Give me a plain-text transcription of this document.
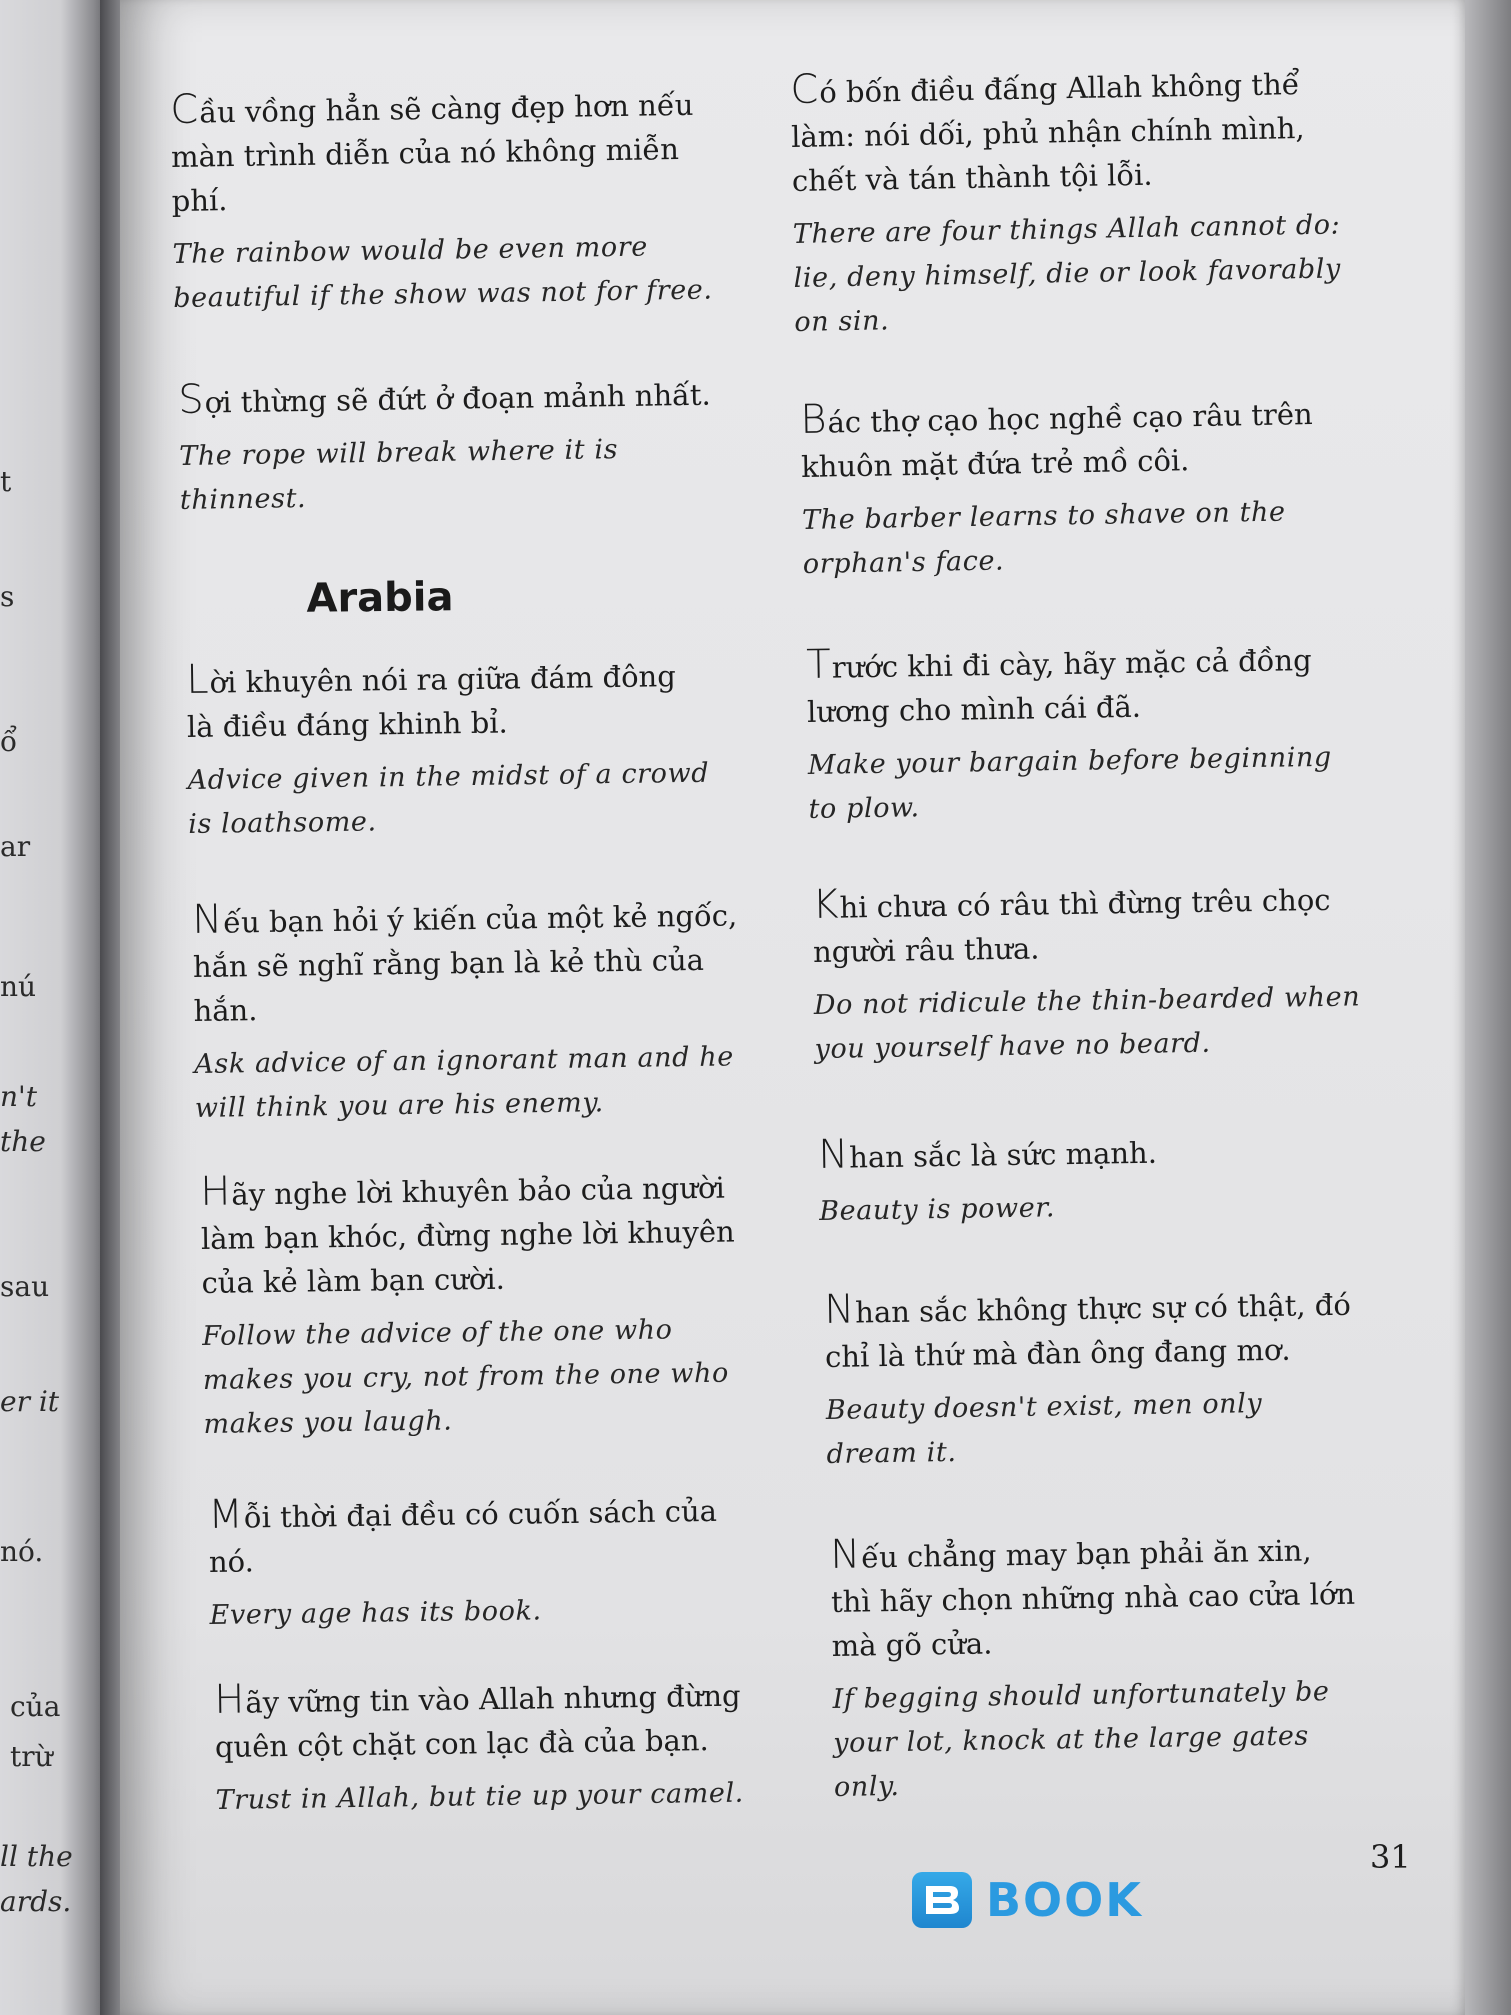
t
s
ổ
ar
nú
n't
the
sau
er it
nó.
của
trừ
ll the
ards.

Cầu vồng hẳn sẽ càng đẹp hơn nếu
màn trình diễn của nó không miễn
phí.

The rainbow would be even more
beautiful if the show was not for free.

Sợi thừng sẽ đứt ở đoạn mảnh nhất.

The rope will break where it is
thinnest.

Lời khuyên nói ra giữa đám đông
là điều đáng khinh bỉ.

Advice given in the midst of a crowd
is loathsome.

Nếu bạn hỏi ý kiến của một kẻ ngốc,
hắn sẽ nghĩ rằng bạn là kẻ thù của
hắn.

Ask advice of an ignorant man and he
will think you are his enemy.

Hãy nghe lời khuyên bảo của người
làm bạn khóc, đừng nghe lời khuyên
của kẻ làm bạn cười.

Follow the advice of the one who
makes you cry, not from the one who
makes you laugh.

Mỗi thời đại đều có cuốn sách của
nó.

Every age has its book.

Hãy vững tin vào Allah nhưng đừng
quên cột chặt con lạc đà của bạn.

Trust in Allah, but tie up your camel.

Arabia

Có bốn điều đấng Allah không thể
làm: nói dối, phủ nhận chính mình,
chết và tán thành tội lỗi.

There are four things Allah cannot do:
lie, deny himself, die or look favorably
on sin.

Bác thợ cạo học nghề cạo râu trên
khuôn mặt đứa trẻ mồ côi.

The barber learns to shave on the
orphan's face.

Trước khi đi cày, hãy mặc cả đồng
lương cho mình cái đã.

Make your bargain before beginning
to plow.

Khi chưa có râu thì đừng trêu chọc
người râu thưa.

Do not ridicule the thin-bearded when
you yourself have no beard.

Nhan sắc là sức mạnh.

Beauty is power.

Nhan sắc không thực sự có thật, đó
chỉ là thứ mà đàn ông đang mơ.

Beauty doesn't exist, men only
dream it.

Nếu chẳng may bạn phải ăn xin,
thì hãy chọn những nhà cao cửa lớn
mà gõ cửa.

If begging should unfortunately be
your lot, knock at the large gates
only.

31
BOOK
